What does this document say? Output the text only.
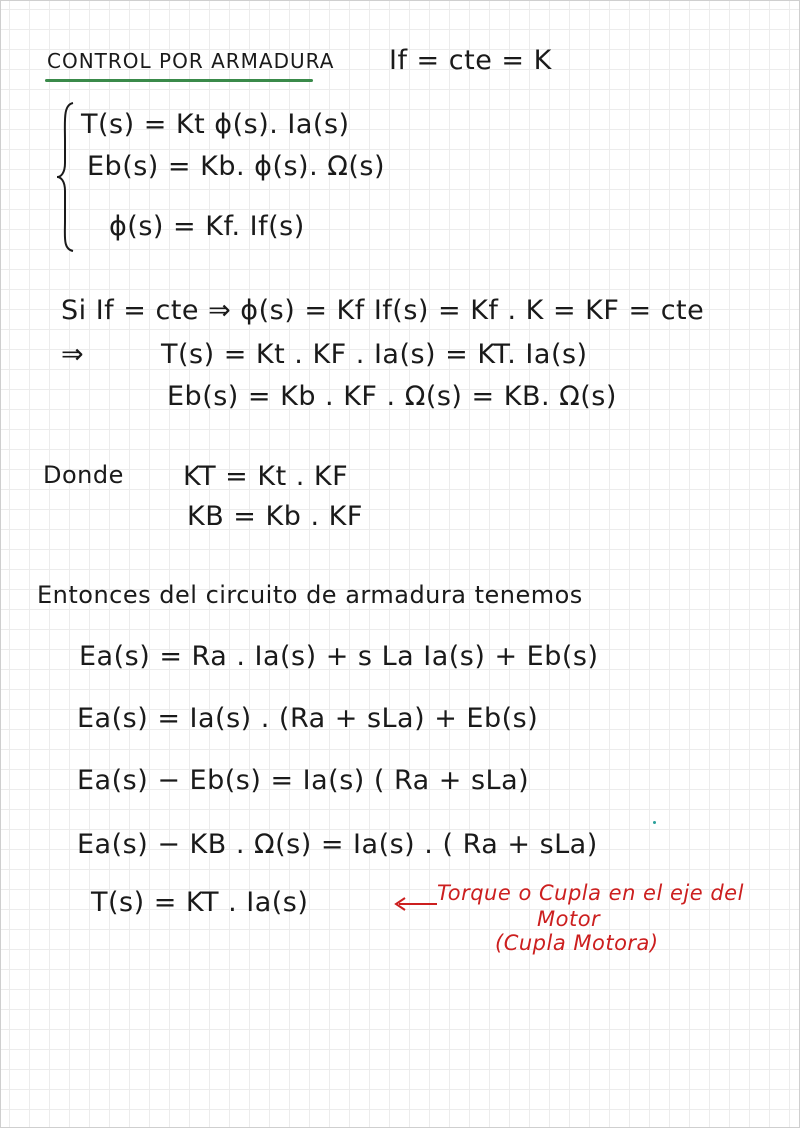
CONTROL POR ARMADURA If = cte = K
T(s) = Kt ϕ(s). Ia(s)
Eb(s) = Kb. ϕ(s). Ω(s)
ϕ(s) = Kf. If(s)
Si If = cte ⇒ ϕ(s) = Kf If(s) = Kf . K = KF = cte
⇒	T(s) = Kt . KF . Ia(s) = KT. Ia(s)
Eb(s) = Kb . KF . Ω(s) = KB. Ω(s)
Donde KT = Kt . KF
KB = Kb . KF
Entonces del circuito de armadura tenemos
Ea(s) = Ra . Ia(s) + s La Ia(s) + Eb(s)
Ea(s) = Ia(s) . (Ra + sLa) + Eb(s)
Ea(s) − Eb(s) = Ia(s) ( Ra + sLa)
Ea(s) − KB . Ω(s) = Ia(s) . ( Ra + sLa)
T(s) = KT . Ia(s)	Torque o Cupla en el eje del
Motor
(Cupla Motora)
